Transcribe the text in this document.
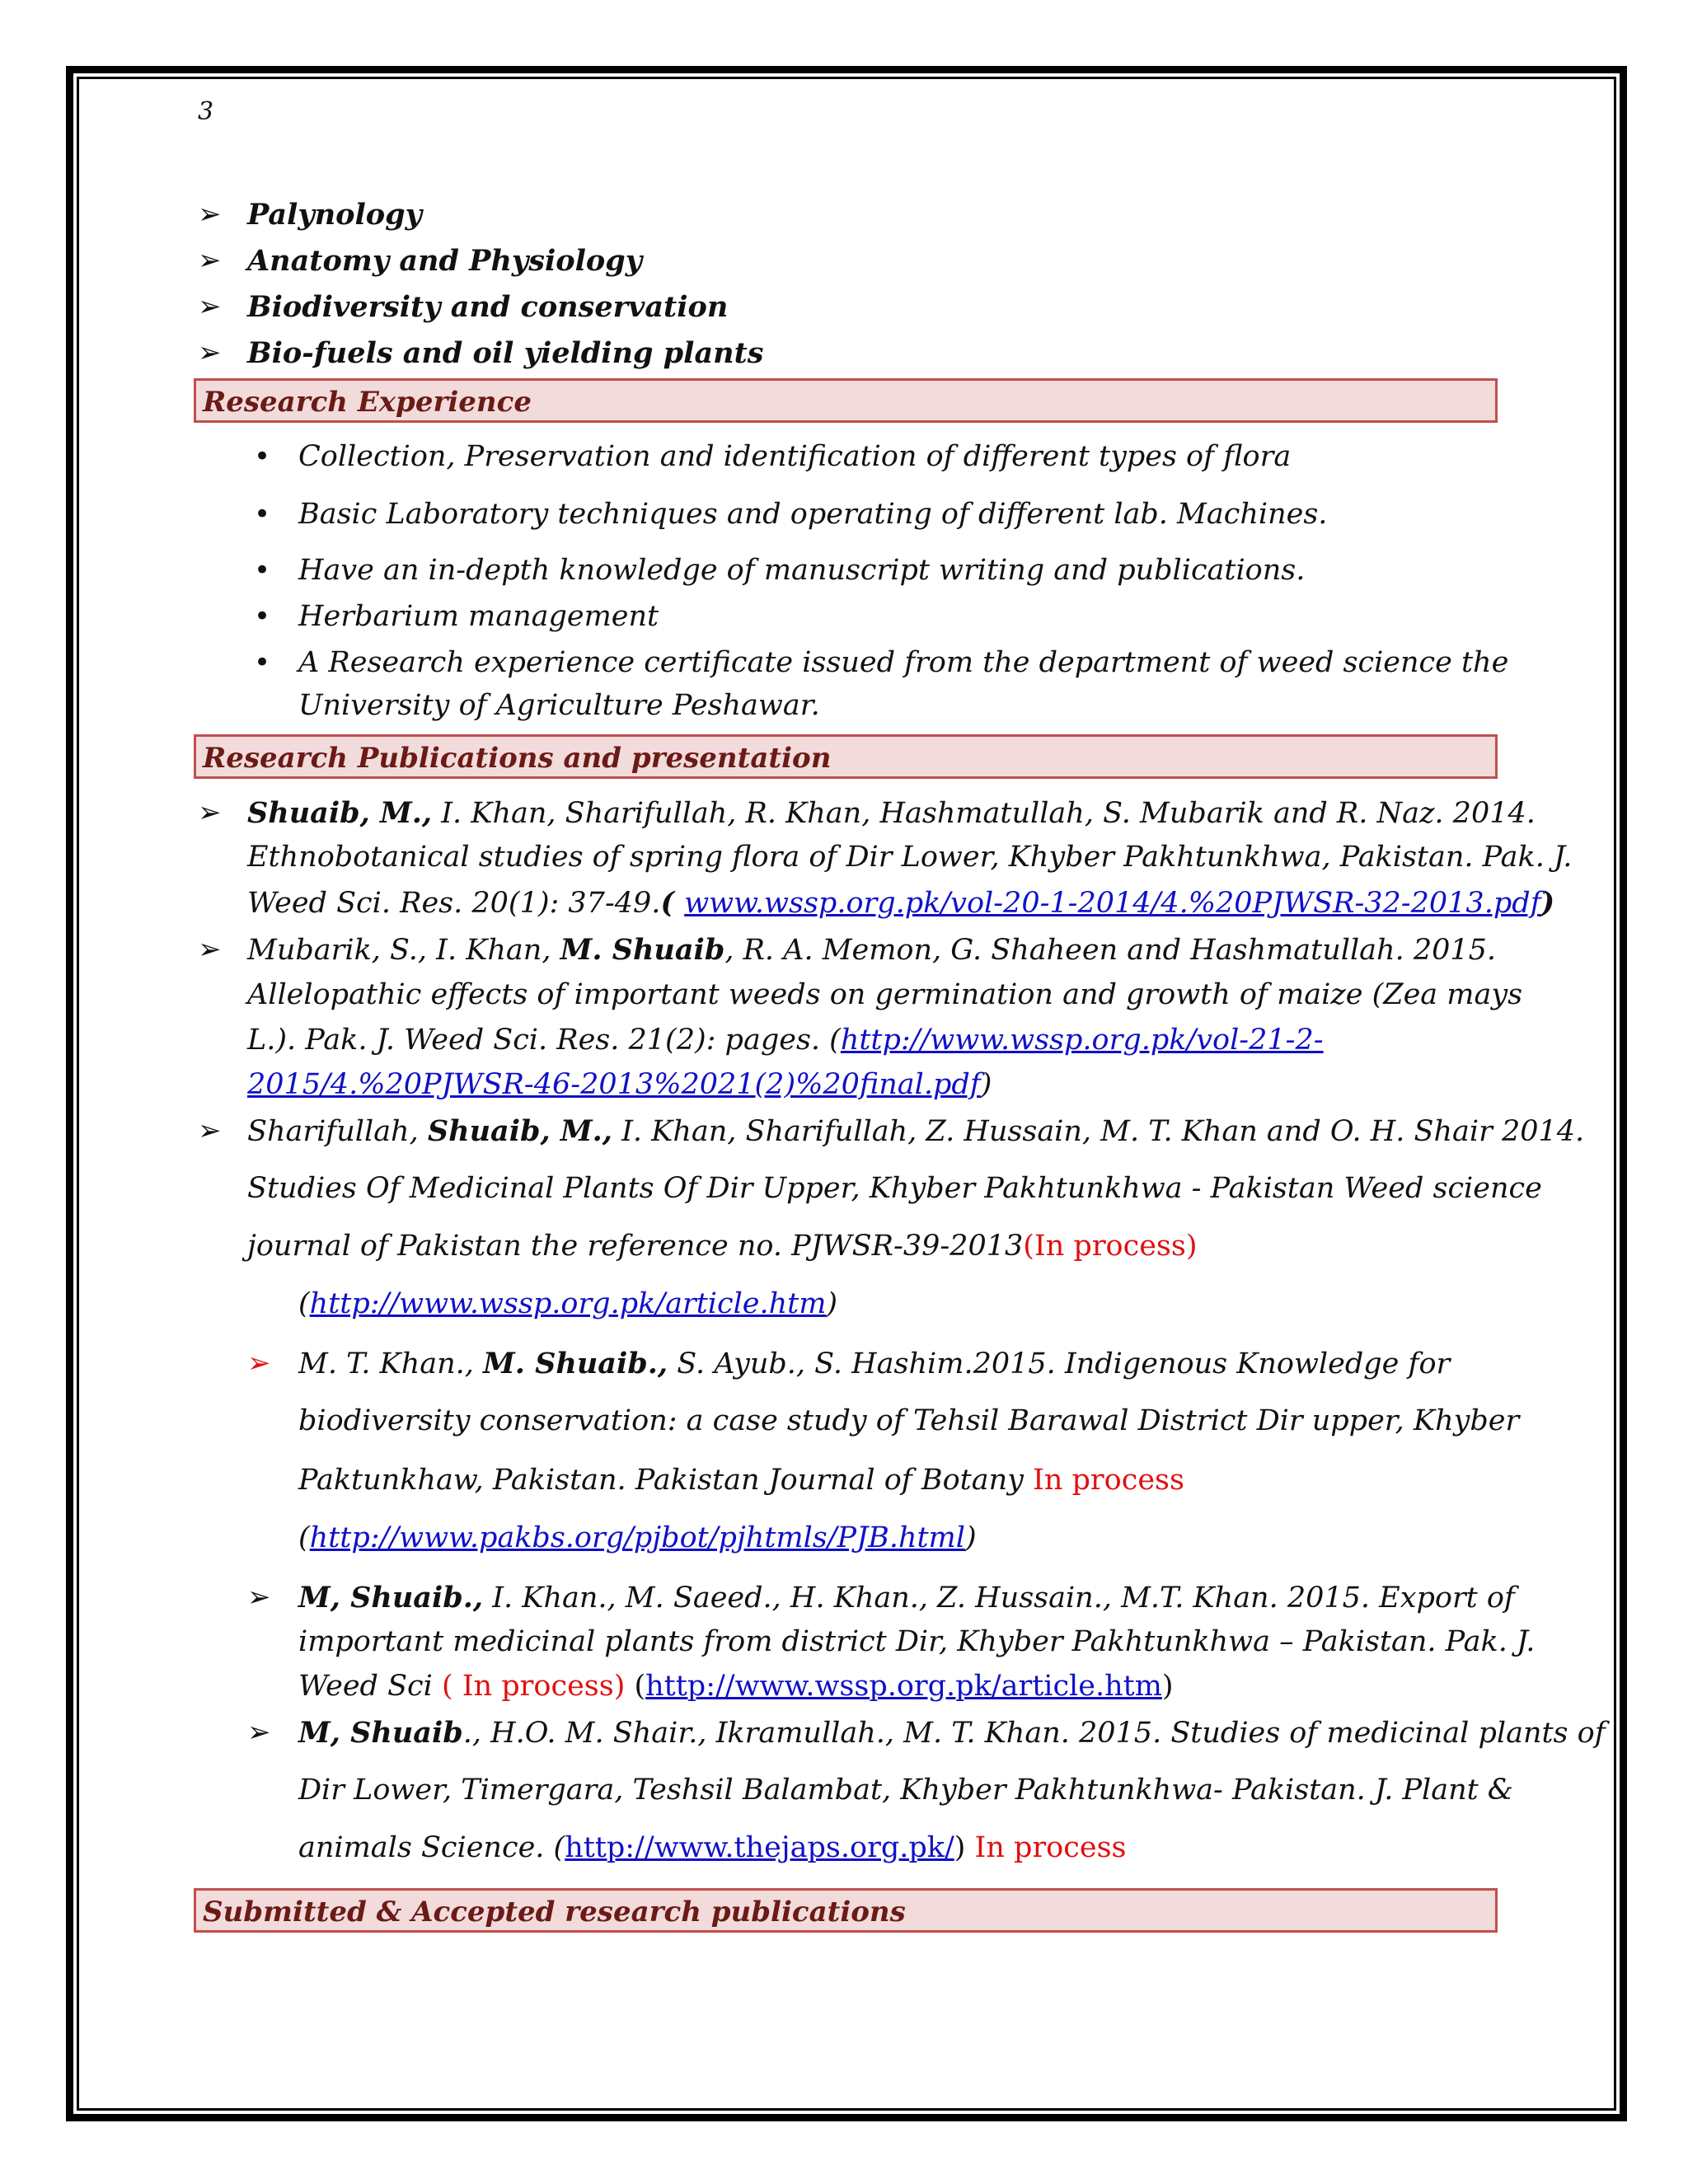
3
➢ Palynology
➢ Anatomy and Physiology
➢ Biodiversity and conservation
➢ Bio-fuels and oil yielding plants
Research Experience
• Collection, Preservation and identification of different types of flora
• Basic Laboratory techniques and operating of different lab. Machines.
• Have an in-depth knowledge of manuscript writing and publications.
• Herbarium management
• A Research experience certificate issued from the department of weed science the
University of Agriculture Peshawar.
Research Publications and presentation
➢ Shuaib, M., I. Khan, Sharifullah, R. Khan, Hashmatullah, S. Mubarik and R. Naz. 2014.
Ethnobotanical studies of spring flora of Dir Lower, Khyber Pakhtunkhwa, Pakistan. Pak. J.
Weed Sci. Res. 20(1): 37-49.( www.wssp.org.pk/vol-20-1-2014/4.%20PJWSR-32-2013.pdf)
➢ Mubarik, S., I. Khan, M. Shuaib, R. A. Memon, G. Shaheen and Hashmatullah. 2015.
Allelopathic effects of important weeds on germination and growth of maize (Zea mays
L.). Pak. J. Weed Sci. Res. 21(2): pages. (http://www.wssp.org.pk/vol-21-2-
2015/4.%20PJWSR-46-2013%2021(2)%20final.pdf)
➢ Sharifullah, Shuaib, M., I. Khan, Sharifullah, Z. Hussain, M. T. Khan and O. H. Shair 2014.
Studies Of Medicinal Plants Of Dir Upper, Khyber Pakhtunkhwa - Pakistan Weed science
journal of Pakistan the reference no. PJWSR-39-2013(In process)
(http://www.wssp.org.pk/article.htm)
➢ M. T. Khan., M. Shuaib., S. Ayub., S. Hashim.2015. Indigenous Knowledge for
biodiversity conservation: a case study of Tehsil Barawal District Dir upper, Khyber
Paktunkhaw, Pakistan. Pakistan Journal of Botany In process
(http://www.pakbs.org/pjbot/pjhtmls/PJB.html)
➢ M, Shuaib., I. Khan., M. Saeed., H. Khan., Z. Hussain., M.T. Khan. 2015. Export of
important medicinal plants from district Dir, Khyber Pakhtunkhwa – Pakistan. Pak. J.
Weed Sci ( In process) (http://www.wssp.org.pk/article.htm)
➢ M, Shuaib., H.O. M. Shair., Ikramullah., M. T. Khan. 2015. Studies of medicinal plants of
Dir Lower, Timergara, Teshsil Balambat, Khyber Pakhtunkhwa- Pakistan. J. Plant &
animals Science. (http://www.thejaps.org.pk/) In process
Submitted & Accepted research publications
